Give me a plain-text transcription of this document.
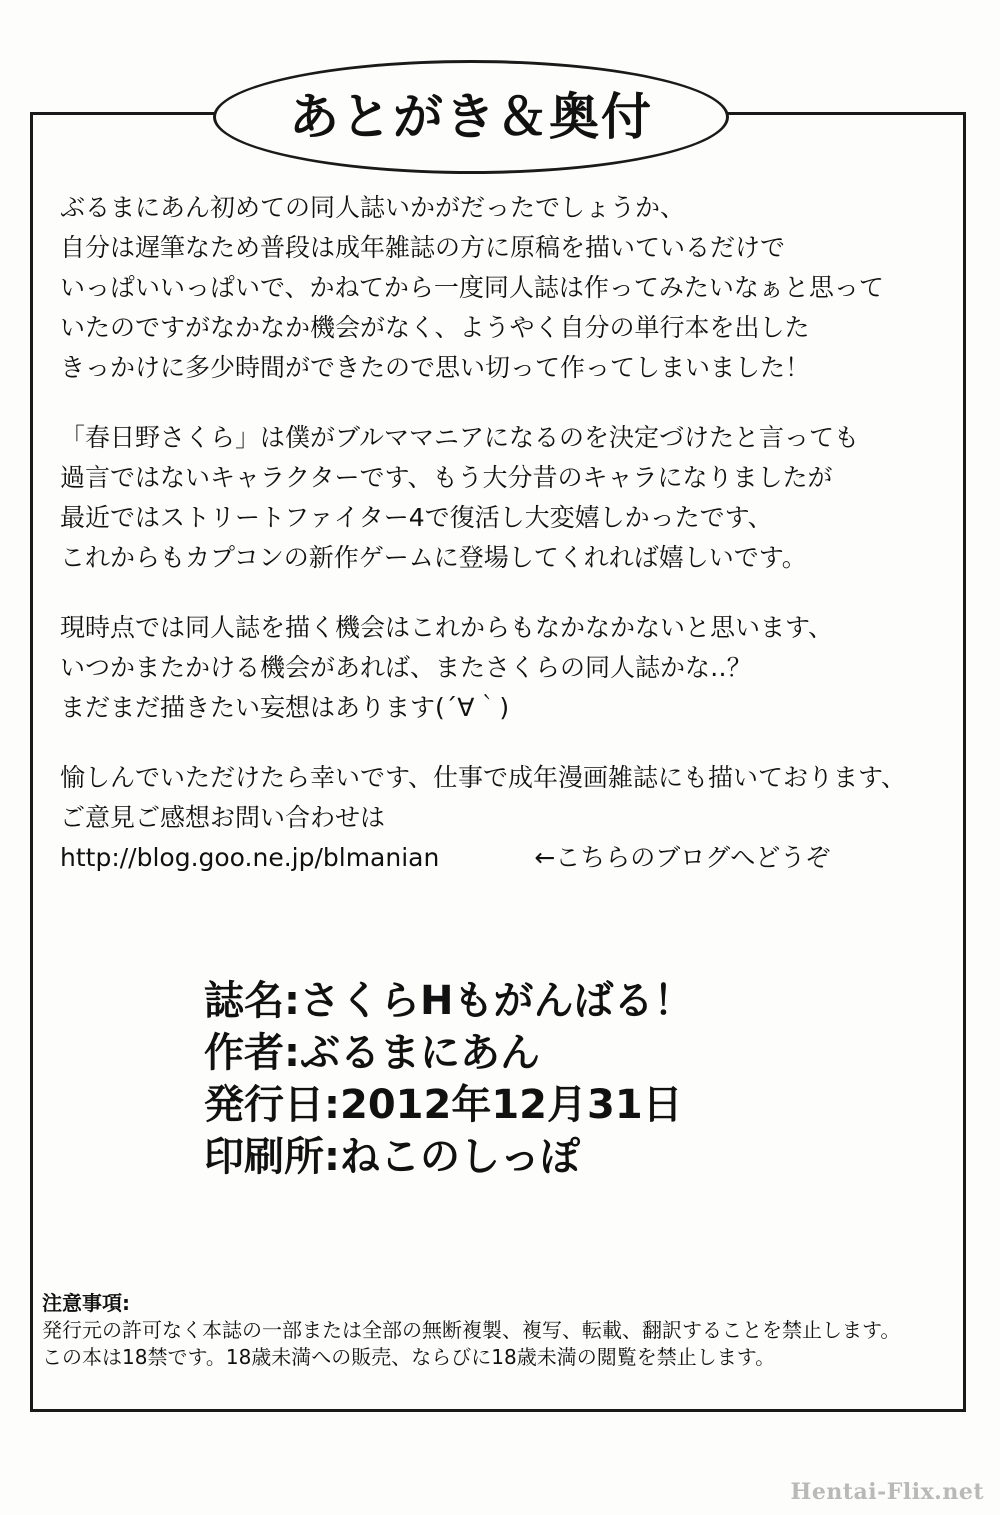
あとがき＆奥付
ぶるまにあん初めての同人誌いかがだったでしょうか、
自分は遅筆なため普段は成年雑誌の方に原稿を描いているだけで
いっぱいいっぱいで、かねてから一度同人誌は作ってみたいなぁと思って
いたのですがなかなか機会がなく、ようやく自分の単行本を出した
きっかけに多少時間ができたので思い切って作ってしまいました！
「春日野さくら」は僕がブルママニアになるのを決定づけたと言っても
過言ではないキャラクターです、もう大分昔のキャラになりましたが
最近ではストリートファイター4で復活し大変嬉しかったです、
これからもカプコンの新作ゲームに登場してくれれば嬉しいです。
現時点では同人誌を描く機会はこれからもなかなかないと思います、
いつかまたかける機会があれば、またさくらの同人誌かな‥？
まだまだ描きたい妄想はあります(´∀｀)
愉しんでいただけたら幸いです、仕事で成年漫画雑誌にも描いております、
ご意見ご感想お問い合わせは
http://blog.goo.ne.jp/blmanian	←こちらのブログへどうぞ
誌名:さくらHもがんばる！
作者:ぶるまにあん
発行日:2012年12月31日
印刷所:ねこのしっぽ
注意事項:
発行元の許可なく本誌の一部または全部の無断複製、複写、転載、翻訳することを禁止します。
この本は18禁です。18歳未満への販売、ならびに18歳未満の閲覧を禁止します。
Hentai-Flix.net
